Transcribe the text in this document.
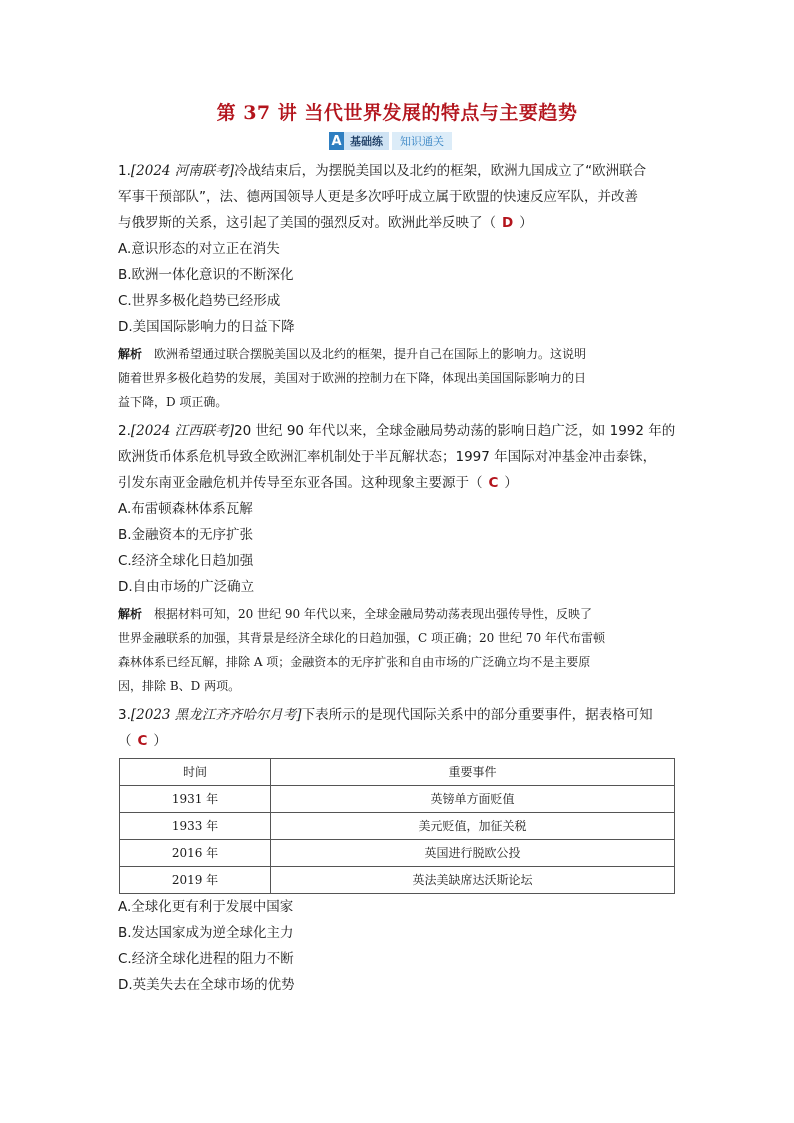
第 37 讲 当代世界发展的特点与主要趋势
A 基础练	知识通关

1.[2024 河南联考]冷战结束后，为摆脱美国以及北约的框架，欧洲九国成立了“欧洲联合
军事干预部队”，法、德两国领导人更是多次呼吁成立属于欧盟的快速反应军队，并改善
与俄罗斯的关系，这引起了美国的强烈反对。欧洲此举反映了（ D ）

A.意识形态的对立正在消失

B.欧洲一体化意识的不断深化

C.世界多极化趋势已经形成

D.美国国际影响力的日益下降

解析 欧洲希望通过联合摆脱美国以及北约的框架，提升自己在国际上的影响力。这说明
随着世界多极化趋势的发展，美国对于欧洲的控制力在下降，体现出美国国际影响力的日
益下降，D 项正确。

2.[2024 江西联考]20 世纪 90 年代以来，全球金融局势动荡的影响日趋广泛，如 1992 年的
欧洲货币体系危机导致全欧洲汇率机制处于半瓦解状态；1997 年国际对冲基金冲击泰铢，
引发东南亚金融危机并传导至东亚各国。这种现象主要源于（ C ）

A.布雷顿森林体系瓦解

B.金融资本的无序扩张

C.经济全球化日趋加强

D.自由市场的广泛确立

解析 根据材料可知，20 世纪 90 年代以来，全球金融局势动荡表现出强传导性，反映了
世界金融联系的加强，其背景是经济全球化的日趋加强，C 项正确；20 世纪 70 年代布雷顿
森林体系已经瓦解，排除 A 项；金融资本的无序扩张和自由市场的广泛确立均不是主要原
因，排除 B、D 两项。

3.[2023 黑龙江齐齐哈尔月考]下表所示的是现代国际关系中的部分重要事件，据表格可知
（ C ）

时间	重要事件
1931 年	英镑单方面贬值
1933 年	美元贬值，加征关税
2016 年	英国进行脱欧公投
2019 年	英法美缺席达沃斯论坛

A.全球化更有利于发展中国家

B.发达国家成为逆全球化主力

C.经济全球化进程的阻力不断

D.英美失去在全球市场的优势
